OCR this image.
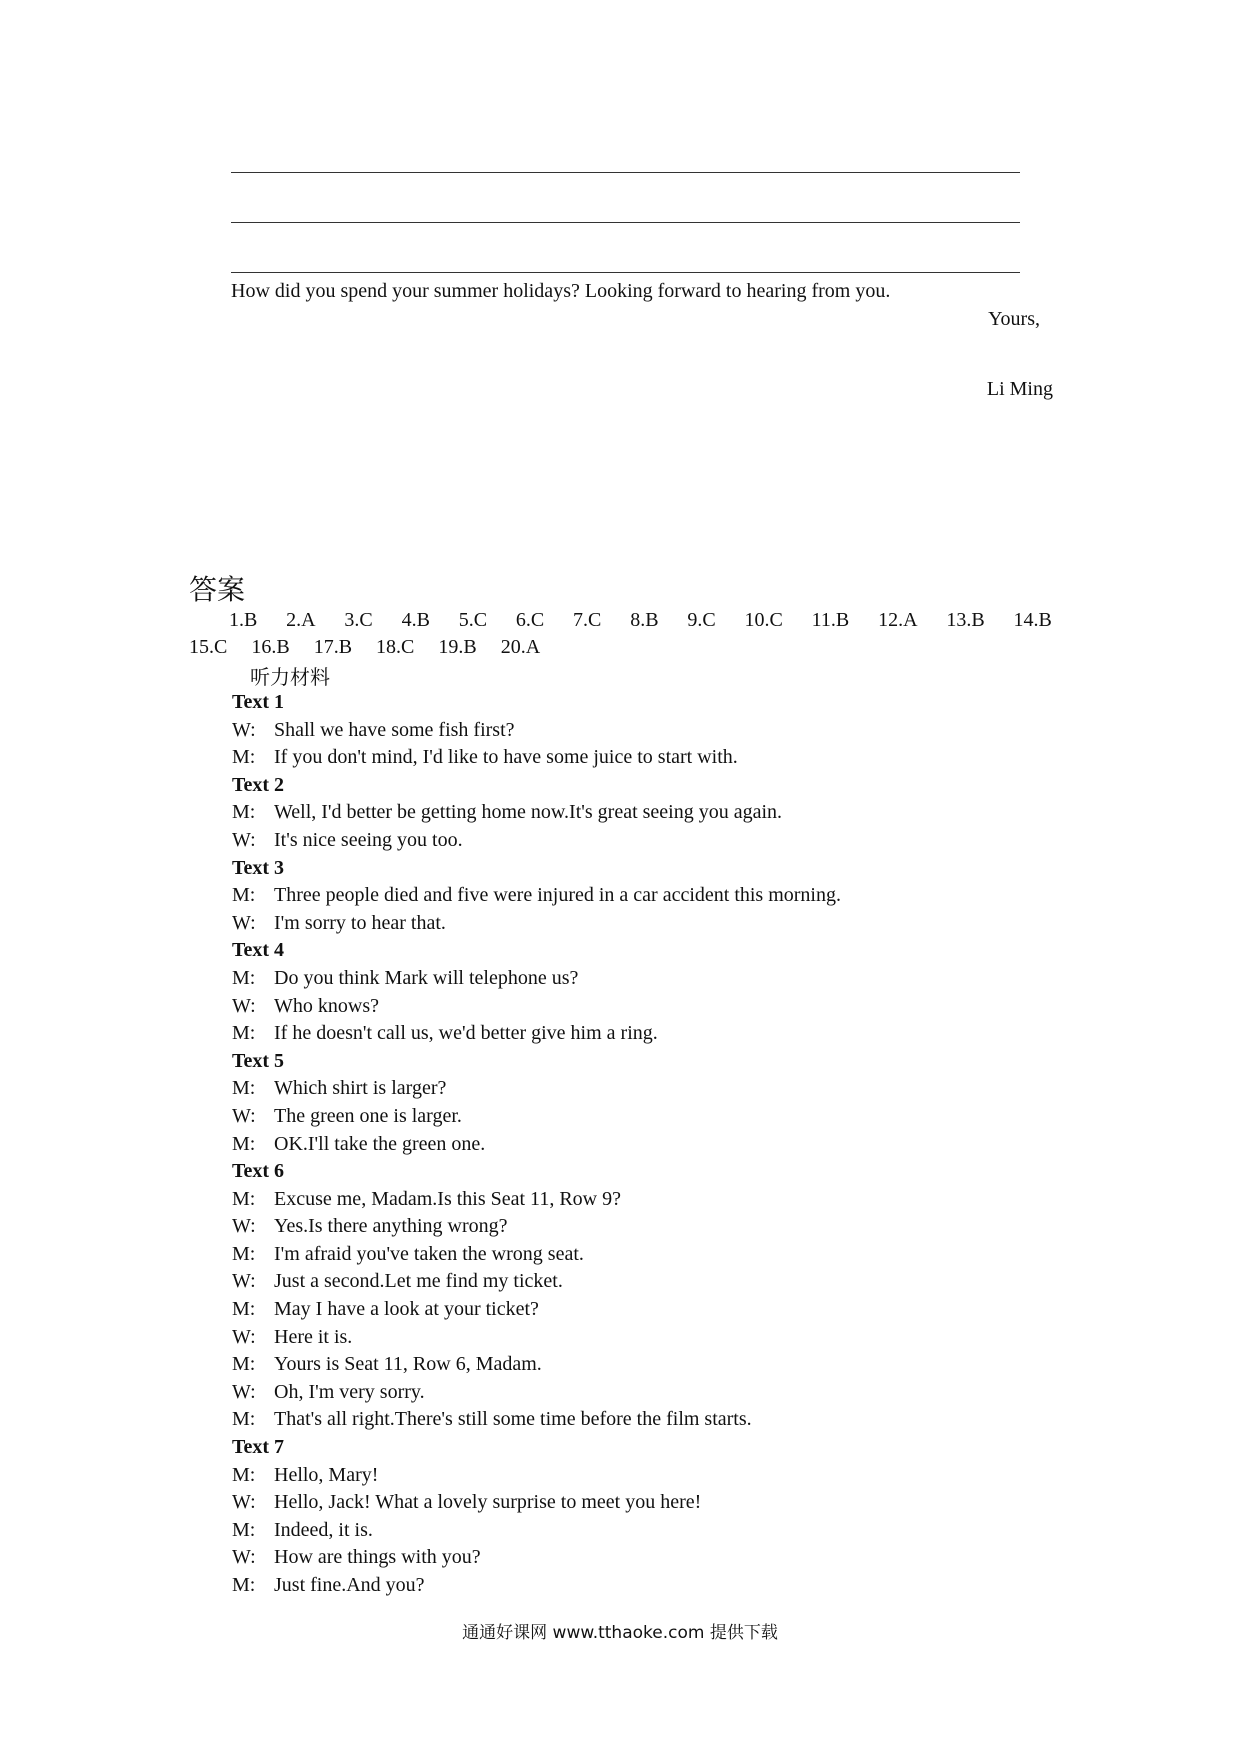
How did you spend your summer holidays? Looking forward to hearing from you.
Yours,
Li Ming
答案
1.B 2.A 3.C 4.B 5.C 6.C 7.C 8.B 9.C 10.C 11.B 12.A 13.B 14.B
15.C 16.B 17.B 18.C 19.B 20.A
听力材料
Text 1
W: Shall we have some fish first?
M: If you don't mind, I'd like to have some juice to start with.
Text 2
M: Well, I'd better be getting home now.It's great seeing you again.
W: It's nice seeing you too.
Text 3
M: Three people died and five were injured in a car accident this morning.
W: I'm sorry to hear that.
Text 4
M: Do you think Mark will telephone us?
W: Who knows?
M: If he doesn't call us, we'd better give him a ring.
Text 5
M: Which shirt is larger?
W: The green one is larger.
M: OK.I'll take the green one.
Text 6
M: Excuse me, Madam.Is this Seat 11, Row 9?
W: Yes.Is there anything wrong?
M: I'm afraid you've taken the wrong seat.
W: Just a second.Let me find my ticket.
M: May I have a look at your ticket?
W: Here it is.
M: Yours is Seat 11, Row 6, Madam.
W: Oh, I'm very sorry.
M: That's all right.There's still some time before the film starts.
Text 7
M: Hello, Mary!
W: Hello, Jack! What a lovely surprise to meet you here!
M: Indeed, it is.
W: How are things with you?
M: Just fine.And you?
通通好课网 www.tthaoke.com 提供下载
